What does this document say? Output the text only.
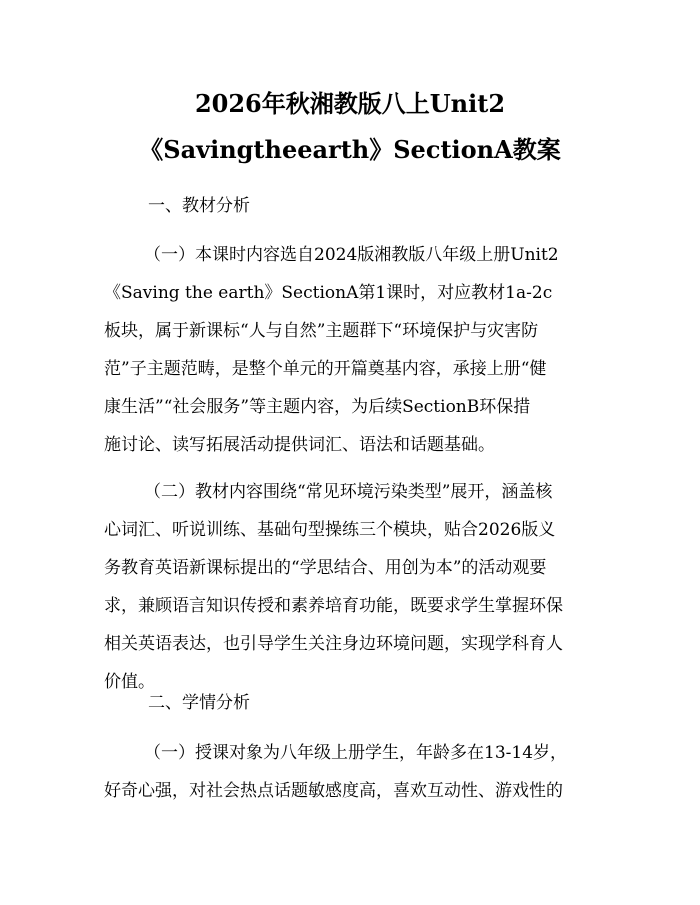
2026年秋湘教版八上Unit2
《Savingtheearth》SectionA教案
一、教材分析
（一）本课时内容选自2024版湘教版八年级上册Unit2
《Saving the earth》SectionA第1课时，对应教材1a-2c
板块，属于新课标“人与自然”主题群下“环境保护与灾害防
范”子主题范畴，是整个单元的开篇奠基内容，承接上册“健
康生活”“社会服务”等主题内容，为后续SectionB环保措
施讨论、读写拓展活动提供词汇、语法和话题基础。
（二）教材内容围绕“常见环境污染类型”展开，涵盖核
心词汇、听说训练、基础句型操练三个模块，贴合2026版义
务教育英语新课标提出的“学思结合、用创为本”的活动观要
求，兼顾语言知识传授和素养培育功能，既要求学生掌握环保
相关英语表达，也引导学生关注身边环境问题，实现学科育人
价值。
二、学情分析
（一）授课对象为八年级上册学生，年龄多在13-14岁，
好奇心强，对社会热点话题敏感度高，喜欢互动性、游戏性的
